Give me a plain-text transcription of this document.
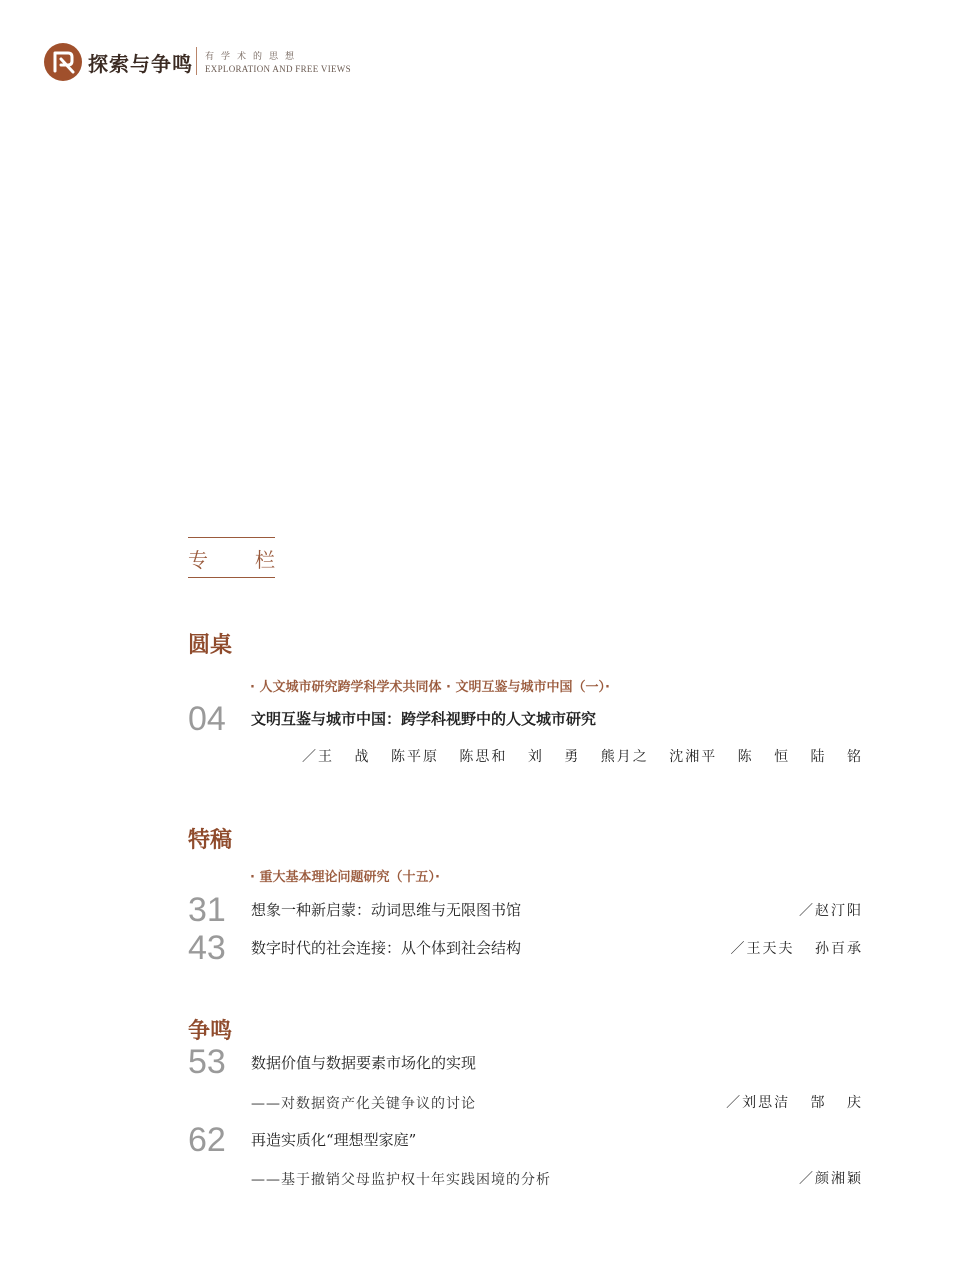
探索与争鸣 有学术的思想
EXPLORATION AND FREE VIEWS
专 栏
圆桌
· 人文城市研究跨学科学术共同体 · 文明互鉴与城市中国（一）·
04 文明互鉴与城市中国：跨学科视野中的人文城市研究
／王 战 陈平原 陈思和 刘 勇 熊月之 沈湘平 陈 恒 陆 铭
特稿
· 重大基本理论问题研究（十五）·
31 想象一种新启蒙：动词思维与无限图书馆	／赵汀阳
43 数字时代的社会连接：从个体到社会结构	／王天夫 孙百承
争鸣
53 数据价值与数据要素市场化的实现
——对数据资产化关键争议的讨论	／刘思洁 郜 庆
62 再造实质化“理想型家庭”
——基于撤销父母监护权十年实践困境的分析	／颜湘颖
